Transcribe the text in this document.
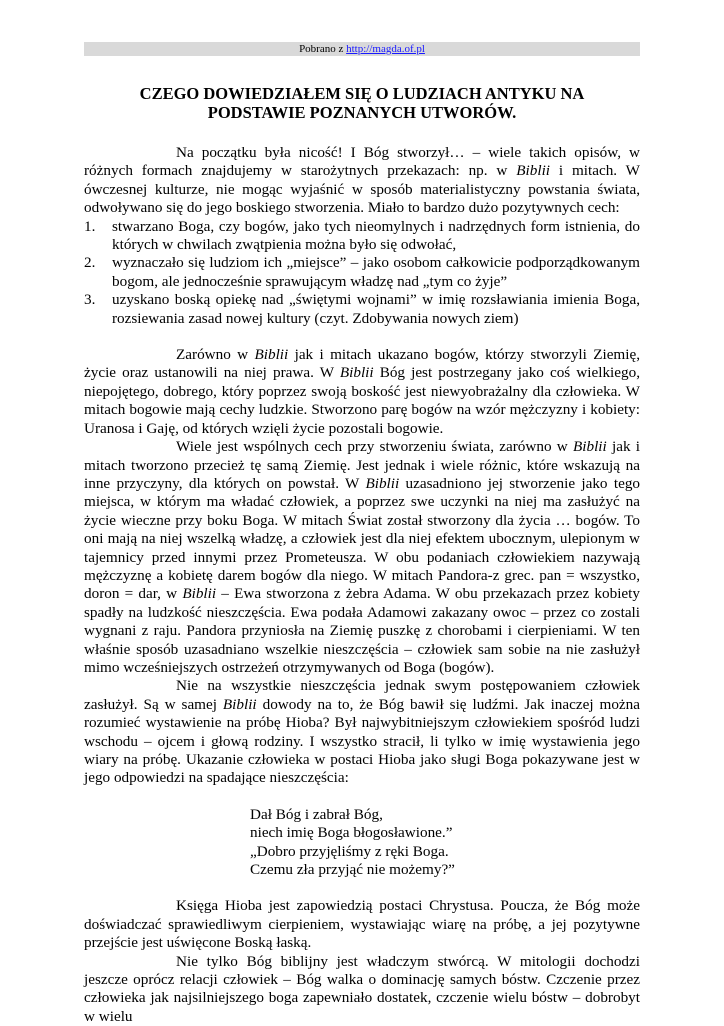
Pobrano z http://magda.of.pl
CZEGO DOWIEDZIAŁEM SIĘ O LUDZIACH ANTYKU NA
PODSTAWIE POZNANYCH UTWORÓW.

Na początku była nicość! I Bóg stworzył… – wiele takich opisów, w różnych formach znajdujemy w starożytnych przekazach: np. w Biblii i mitach. W ówczesnej kulturze, nie mogąc wyjaśnić w sposób materialistyczny powstania świata, odwoływano się do jego boskiego stworzenia. Miało to bardzo dużo pozytywnych cech:

1. stwarzano Boga, czy bogów, jako tych nieomylnych i nadrzędnych form istnienia, do których w chwilach zwątpienia można było się odwołać,
2. wyznaczało się ludziom ich „miejsce” – jako osobom całkowicie podporządkowanym bogom, ale jednocześnie sprawującym władzę nad „tym co żyje”
3. uzyskano boską opiekę nad „świętymi wojnami” w imię rozsławiania imienia Boga, rozsiewania zasad nowej kultury (czyt. Zdobywania nowych ziem)

Zarówno w Biblii jak i mitach ukazano bogów, którzy stworzyli Ziemię, życie oraz ustanowili na niej prawa. W Biblii Bóg jest postrzegany jako coś wielkiego, niepojętego, dobrego, który poprzez swoją boskość jest niewyobrażalny dla człowieka. W mitach bogowie mają cechy ludzkie. Stworzono parę bogów na wzór mężczyzny i kobiety: Uranosa i Gaję, od których wzięli życie pozostali bogowie.

Wiele jest wspólnych cech przy stworzeniu świata, zarówno w Biblii jak i mitach tworzono przecież tę samą Ziemię. Jest jednak i wiele różnic, które wskazują na inne przyczyny, dla których on powstał. W Biblii uzasadniono jej stworzenie jako tego miejsca, w którym ma władać człowiek, a poprzez swe uczynki na niej ma zasłużyć na życie wieczne przy boku Boga. W mitach Świat został stworzony dla życia … bogów. To oni mają na niej wszelką władzę, a człowiek jest dla niej efektem ubocznym, ulepionym w tajemnicy przed innymi przez Prometeusza. W obu podaniach człowiekiem nazywają mężczyznę a kobietę darem bogów dla niego. W mitach Pandora-z grec. pan = wszystko, doron = dar, w Biblii – Ewa stworzona z żebra Adama. W obu przekazach przez kobiety spadły na ludzkość nieszczęścia. Ewa podała Adamowi zakazany owoc – przez co zostali wygnani z raju. Pandora przyniosła na Ziemię puszkę z chorobami i cierpieniami. W ten właśnie sposób uzasadniano wszelkie nieszczęścia – człowiek sam sobie na nie zasłużył mimo wcześniejszych ostrzeżeń otrzymywanych od Boga (bogów).

Nie na wszystkie nieszczęścia jednak swym postępowaniem człowiek zasłużył. Są w samej Biblii dowody na to, że Bóg bawił się ludźmi. Jak inaczej można rozumieć wystawienie na próbę Hioba? Był najwybitniejszym człowiekiem spośród ludzi wschodu – ojcem i głową rodziny. I wszystko stracił, li tylko w imię wystawienia jego wiary na próbę. Ukazanie człowieka w postaci Hioba jako sługi Boga pokazywane jest w jego odpowiedzi na spadające nieszczęścia:

Dał Bóg i zabrał Bóg,
niech imię Boga błogosławione.”
„Dobro przyjęliśmy z ręki Boga.
Czemu zła przyjąć nie możemy?”

Księga Hioba jest zapowiedzią postaci Chrystusa. Poucza, że Bóg może doświadczać sprawiedliwym cierpieniem, wystawiając wiarę na próbę, a jej pozytywne przejście jest uświęcone Boską łaską.

Nie tylko Bóg biblijny jest władczym stwórcą. W mitologii dochodzi jeszcze oprócz relacji człowiek – Bóg walka o dominację samych bóstw. Czczenie przez człowieka jak najsilniejszego boga zapewniało dostatek, czczenie wielu bóstw – dobrobyt w wielu
